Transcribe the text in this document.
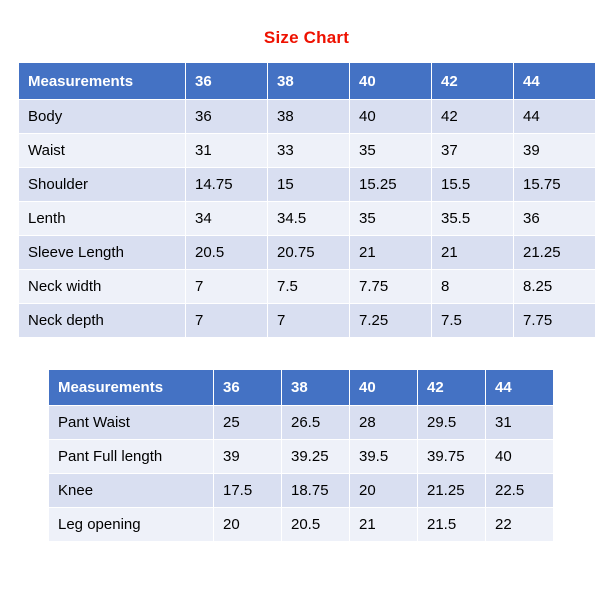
Size Chart
Measurements	36	38	40	42	44
Body	36	38	40	42	44
Waist	31	33	35	37	39
Shoulder	14.75	15	15.25	15.5	15.75
Lenth	34	34.5	35	35.5	36
Sleeve Length	20.5	20.75	21	21	21.25
Neck width	7	7.5	7.75	8	8.25
Neck depth	7	7	7.25	7.5	7.75
Measurements	36	38	40	42	44
Pant Waist	25	26.5	28	29.5	31
Pant Full length	39	39.25	39.5	39.75	40
Knee	17.5	18.75	20	21.25	22.5
Leg opening	20	20.5	21	21.5	22
